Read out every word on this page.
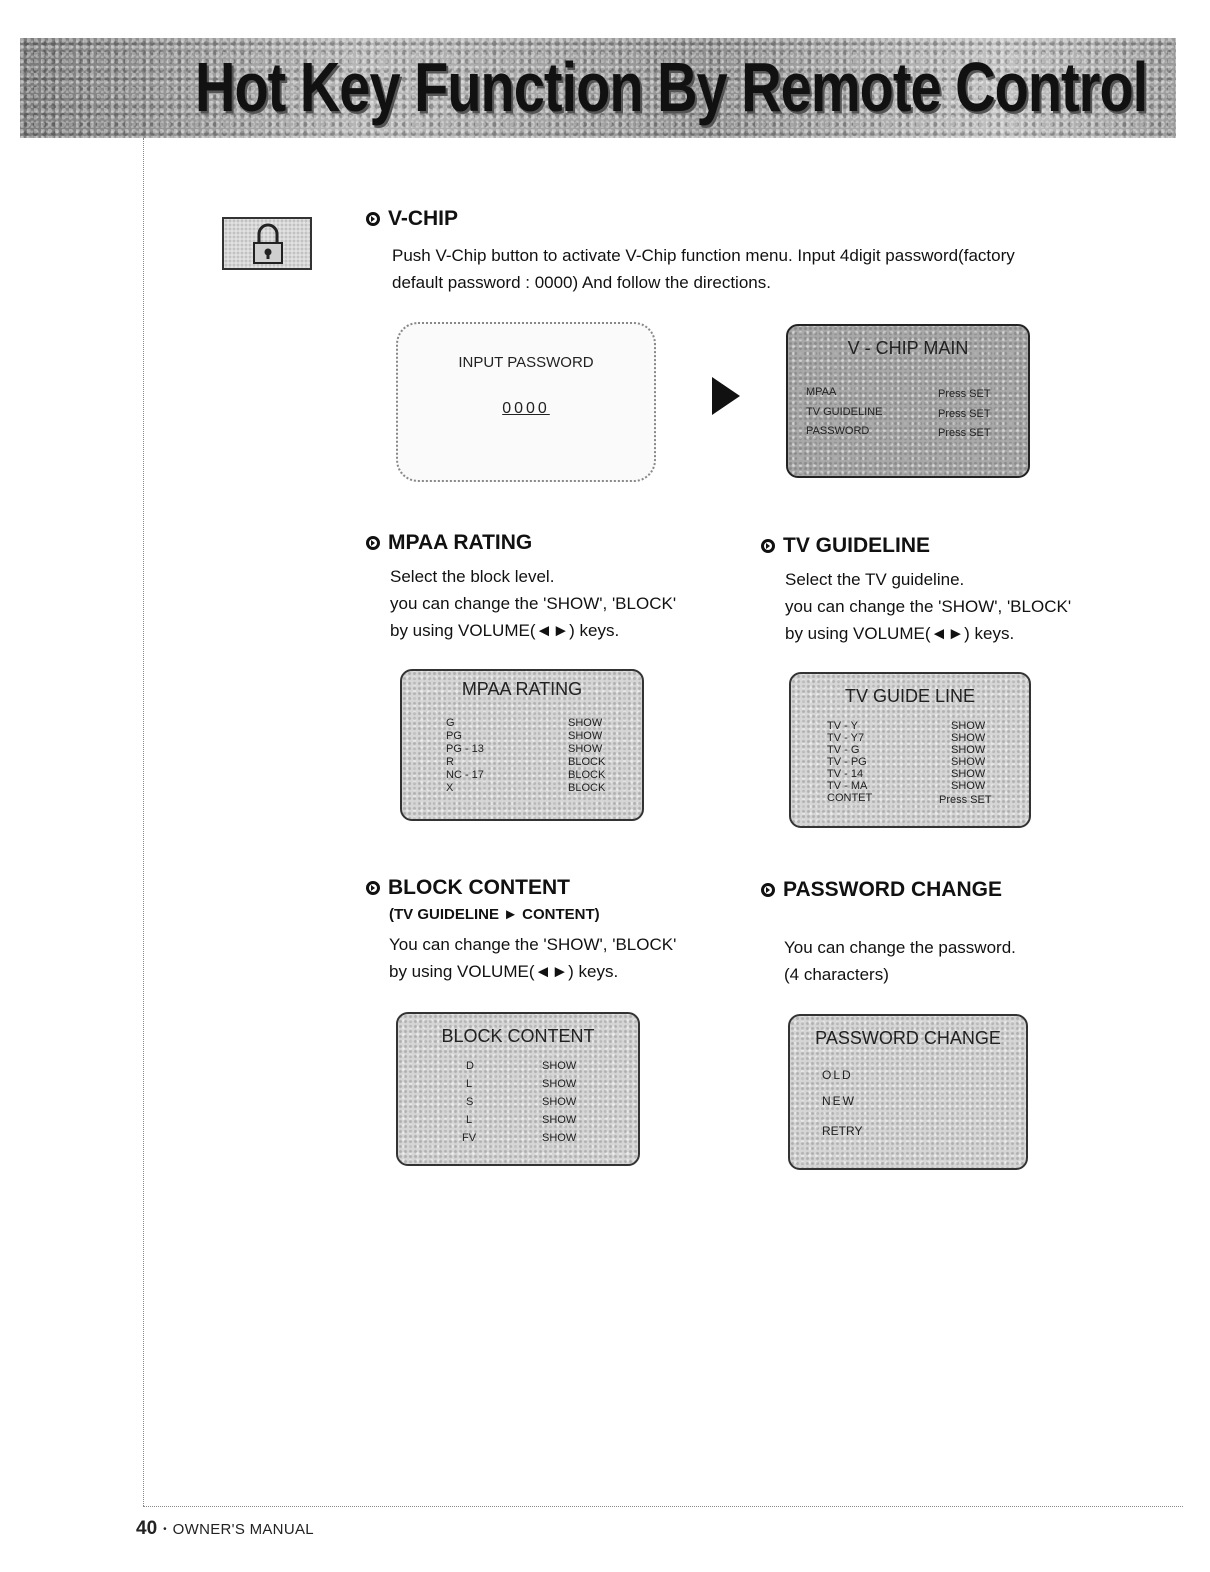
Hot Key Function By Remote Control
V-CHIP
Push V-Chip button to activate V-Chip function menu. Input 4digit password(factory
default password : 0000) And follow the directions.
INPUT PASSWORD
0000
V - CHIP MAIN
MPAA	Press SET
TV GUIDELINE	Press SET
PASSWORD	Press SET
MPAA RATING
Select the block level.
you can change the 'SHOW', 'BLOCK'
by using VOLUME(◄►) keys.
MPAA RATING
G	SHOW
PG	SHOW
PG - 13	SHOW
R	BLOCK
NC - 17	BLOCK
X	BLOCK
TV GUIDELINE
Select the TV guideline.
you can change the 'SHOW', 'BLOCK'
by using VOLUME(◄►) keys.
TV GUIDE LINE
TV - Y	SHOW
TV - Y7	SHOW
TV - G	SHOW
TV - PG	SHOW
TV - 14	SHOW
TV - MA	SHOW
CONTET	Press SET
BLOCK CONTENT
(TV GUIDELINE ► CONTENT)
You can change the 'SHOW', 'BLOCK'
by using VOLUME(◄►) keys.
BLOCK CONTENT
D	SHOW
L	SHOW
S	SHOW
L	SHOW
FV	SHOW
PASSWORD CHANGE
You can change the password.
(4 characters)
PASSWORD CHANGE
OLD
NEW
RETRY
40 • OWNER'S MANUAL
